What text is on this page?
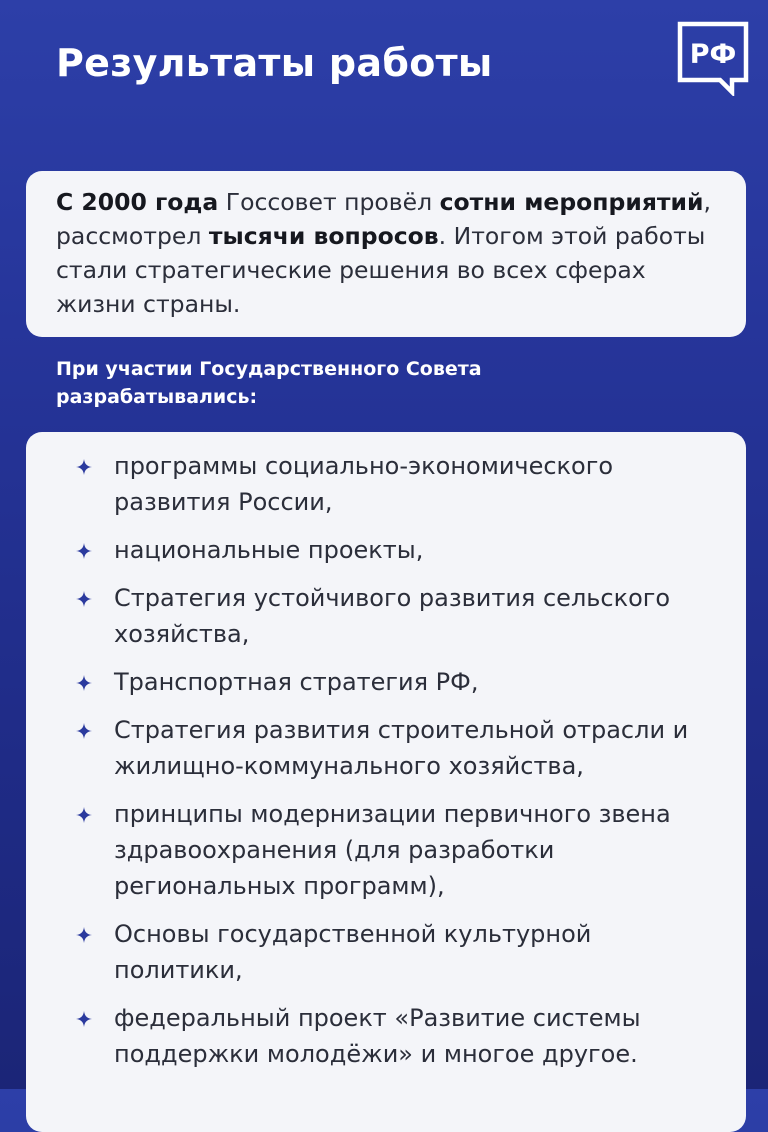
Результаты работы	РФ
С 2000 года Госсовет провёл сотни мероприятий, рассмотрел тысячи вопросов. Итогом этой работы стали стратегические решения во всех сферах жизни страны.
При участии Государственного Совета разрабатывались:
программы социально-экономического развития России,
национальные проекты,
Стратегия устойчивого развития сельского хозяйства,
Транспортная стратегия РФ,
Стратегия развития строительной отрасли и жилищно-коммунального хозяйства,
принципы модернизации первичного звена здравоохранения (для разработки региональных программ),
Основы государственной культурной политики,
федеральный проект «Развитие системы поддержки молодёжи» и многое другое.
